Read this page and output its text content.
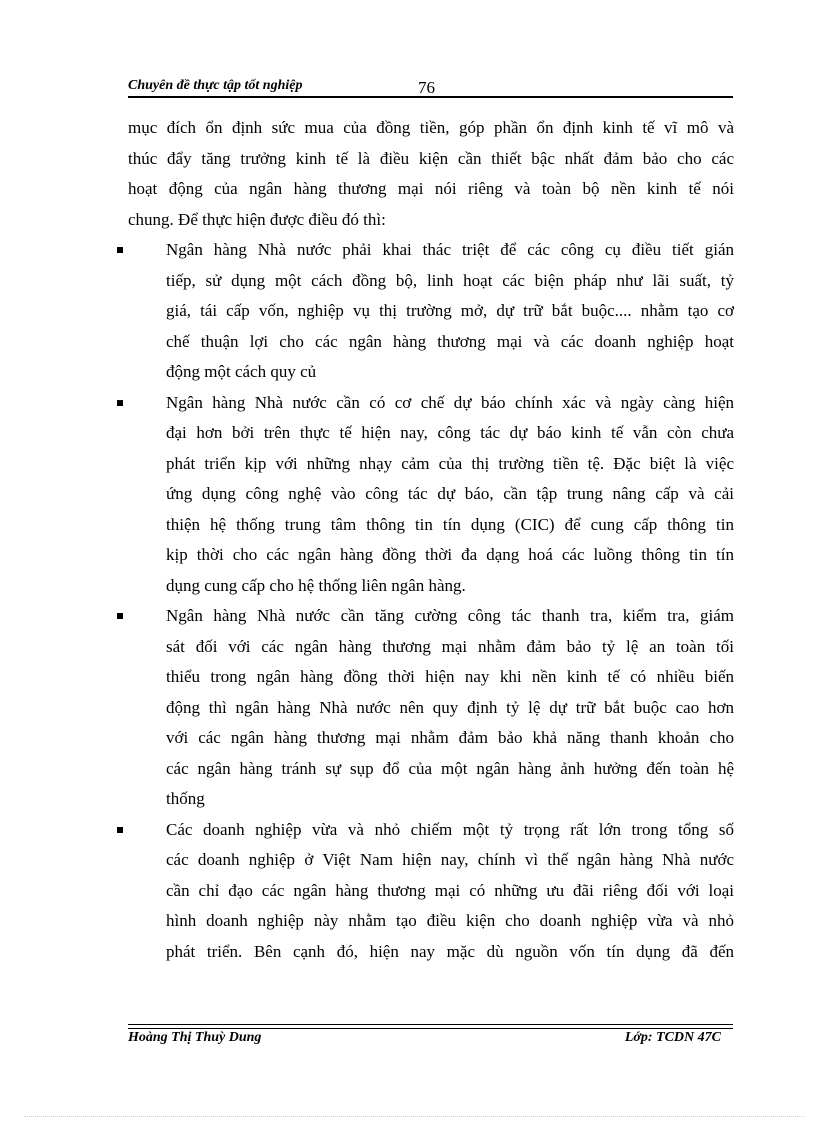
Chuyên đề thực tập tốt nghiệp	76
mục đích ổn định sức mua của đồng tiền, góp phần ổn định kinh tế vĩ mô và
thúc đẩy tăng trưởng kinh tế là điều kiện cần thiết bậc nhất đảm bảo cho các
hoạt động của ngân hàng thương mại nói riêng và toàn bộ nền kinh tế nói
chung. Để thực hiện được điều đó thì:
Ngân hàng Nhà nước phải khai thác triệt để các công cụ điều tiết gián
tiếp, sử dụng một cách đồng bộ, linh hoạt các biện pháp như lãi suất, tỷ
giá, tái cấp vốn, nghiệp vụ thị trường mở, dự trữ bắt buộc.... nhằm tạo cơ
chế thuận lợi cho các ngân hàng thương mại và các doanh nghiệp hoạt
động một cách quy củ
Ngân hàng Nhà nước cần có cơ chế dự báo chính xác và ngày càng hiện
đại hơn bởi trên thực tế hiện nay, công tác dự báo kinh tế vẫn còn chưa
phát triển kịp với những nhạy cảm của thị trường tiền tệ. Đặc biệt là việc
ứng dụng công nghệ vào công tác dự báo, cần tập trung nâng cấp và cải
thiện hệ thống trung tâm thông tin tín dụng (CIC) để cung cấp thông tin
kịp thời cho các ngân hàng đồng thời đa dạng hoá các luồng thông tin tín
dụng cung cấp cho hệ thống liên ngân hàng.
Ngân hàng Nhà nước cần tăng cường công tác thanh tra, kiểm tra, giám
sát đối với các ngân hàng thương mại nhằm đảm bảo tỷ lệ an toàn tối
thiểu trong ngân hàng đồng thời hiện nay khi nền kinh tế có nhiều biến
động thì ngân hàng Nhà nước nên quy định tỷ lệ dự trữ bắt buộc cao hơn
với các ngân hàng thương mại nhằm đảm bảo khả năng thanh khoản cho
các ngân hàng tránh sự sụp đổ của một ngân hàng ảnh hưởng đến toàn hệ
thống
Các doanh nghiệp vừa và nhỏ chiếm một tỷ trọng rất lớn trong tổng số
các doanh nghiệp ở Việt Nam hiện nay, chính vì thế ngân hàng Nhà nước
cần chỉ đạo các ngân hàng thương mại có những ưu đãi riêng đối với loại
hình doanh nghiệp này nhằm tạo điều kiện cho doanh nghiệp vừa và nhỏ
phát triển. Bên cạnh đó, hiện nay mặc dù nguồn vốn tín dụng đã đến
Hoàng Thị Thuỳ Dung	Lớp: TCDN 47C
